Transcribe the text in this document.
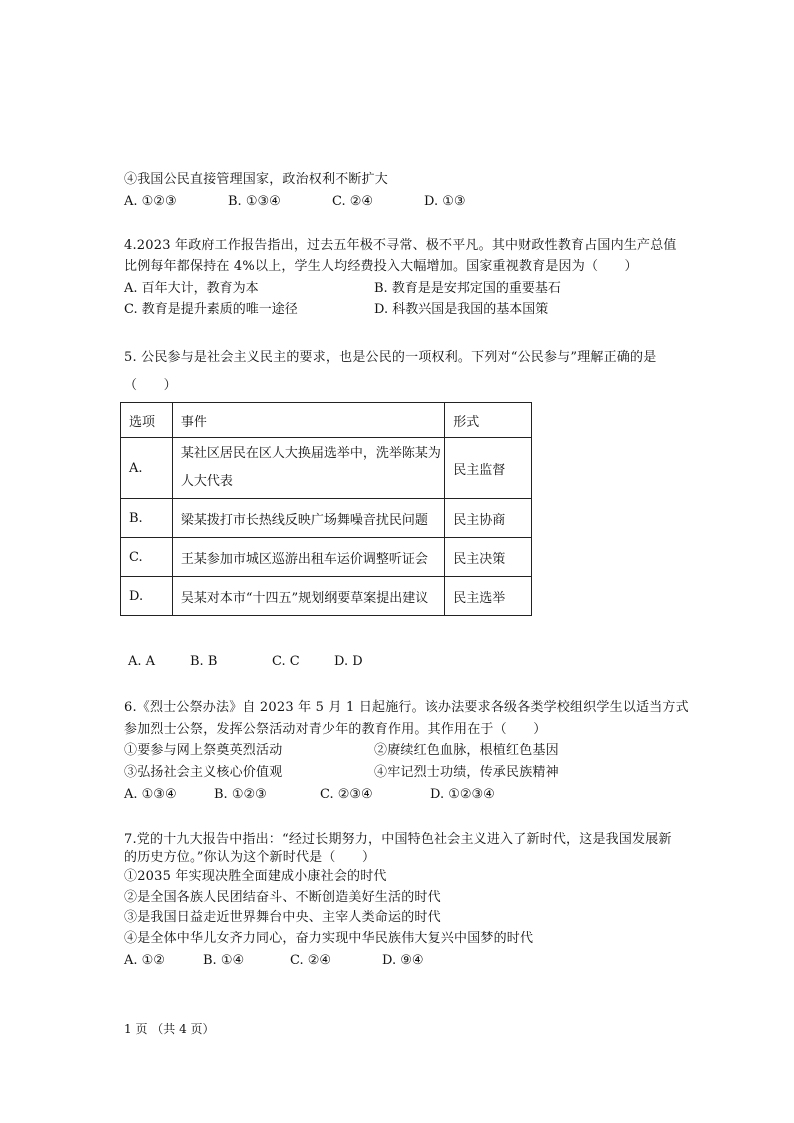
④我国公民直接管理国家，政治权利不断扩大
A. ①②③	B. ①③④	C. ②④	D. ①③
4.2023 年政府工作报告指出，过去五年极不寻常、极不平凡。其中财政性教育占国内生产总值
比例每年都保持在 4%以上，学生人均经费投入大幅增加。国家重视教育是因为（　　）
A. 百年大计，教育为本	B. 教育是是安邦定国的重要基石
C. 教育是提升素质的唯一途径	D. 科教兴国是我国的基本国策
5. 公民参与是社会主义民主的要求，也是公民的一项权利。下列对“公民参与”理解正确的是
（　　）
选项	事件	形式
A.	某社区居民在区人大换届选举中，洗举陈某为人大代表	民主监督
B.	梁某拨打市长热线反映广场舞噪音扰民问题	民主协商
C.	王某参加市城区巡游出租车运价调整听证会	民主决策
D.	吴某对本市“十四五”规划纲要草案提出建议	民主选举
A. A	B. B	C. C	D. D
6.《烈士公祭办法》自 2023 年 5 月 1 日起施行。该办法要求各级各类学校组织学生以适当方式
参加烈士公祭，发挥公祭活动对青少年的教育作用。其作用在于（　　）
①要参与网上祭奠英烈活动	②赓续红色血脉，根植红色基因
③弘扬社会主义核心价值观	④牢记烈士功绩，传承民族精神
A. ①③④	B. ①②③	C. ②③④	D. ①②③④
7.党的十九大报告中指出：“经过长期努力，中国特色社会主义进入了新时代，这是我国发展新
的历史方位。”你认为这个新时代是（　　）
①2035 年实现决胜全面建成小康社会的时代
②是全国各族人民团结奋斗、不断创造美好生活的时代
③是我国日益走近世界舞台中央、主宰人类命运的时代
④是全体中华儿女齐力同心，奋力实现中华民族伟大复兴中国梦的时代
A. ①②	B. ①④	C. ②④	D. ⑨④
1 页 （共 4 页）
